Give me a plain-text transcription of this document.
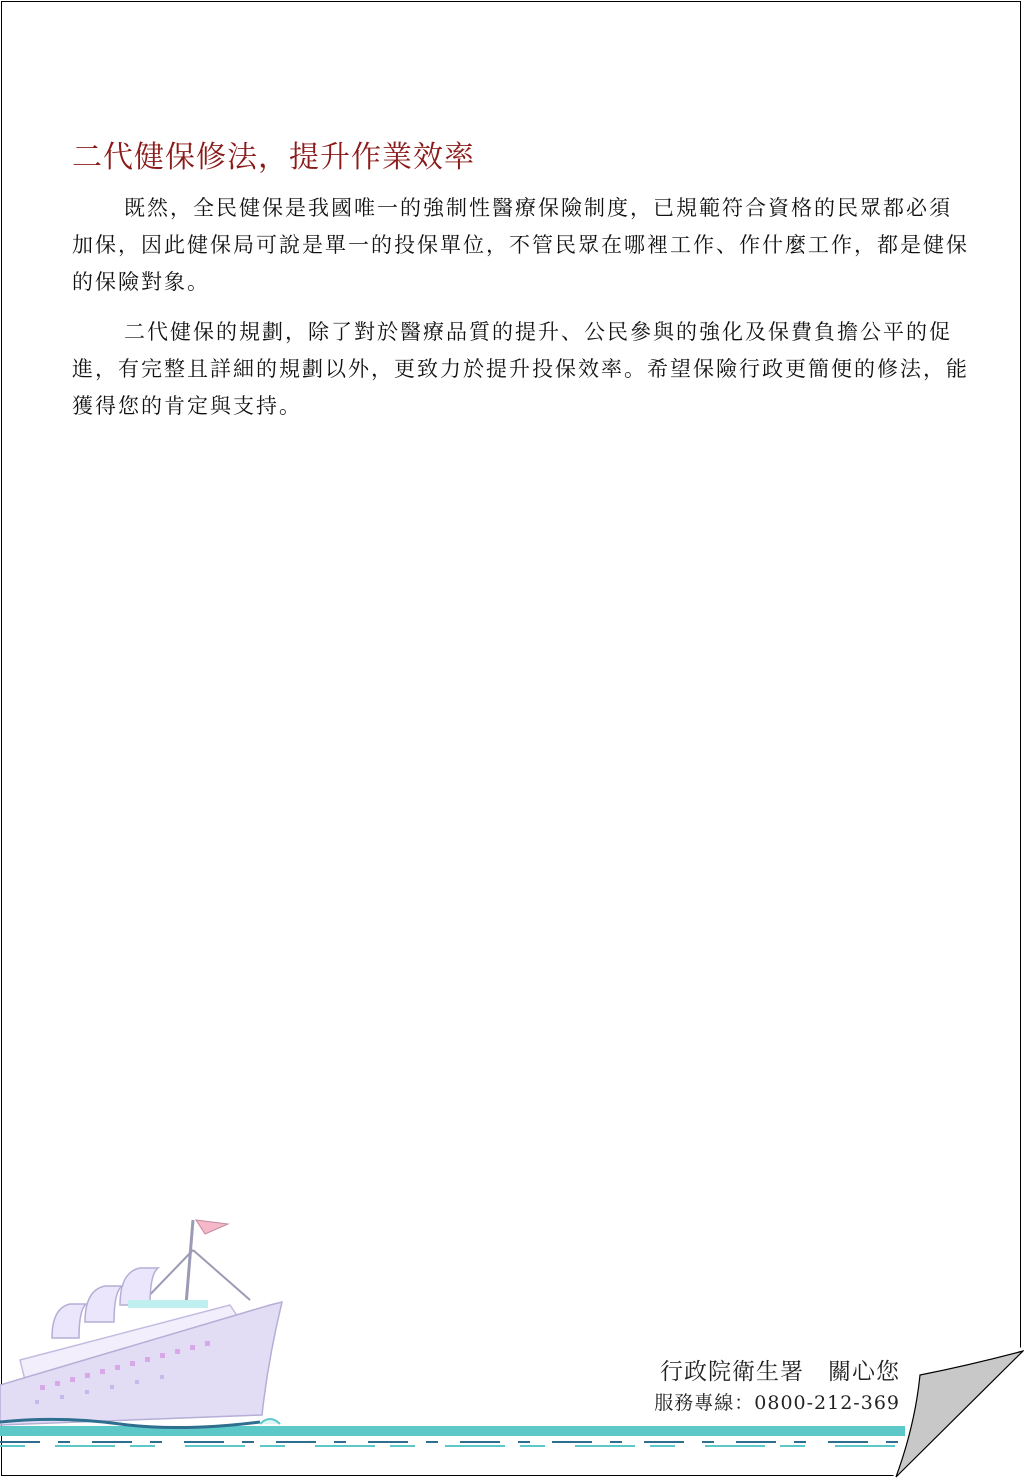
二代健保修法，提升作業效率

既然，全民健保是我國唯一的強制性醫療保險制度，已規範符合資格的民眾都必須加保，因此健保局可說是單一的投保單位，不管民眾在哪裡工作、作什麼工作，都是健保的保險對象。

二代健保的規劃，除了對於醫療品質的提升、公民參與的強化及保費負擔公平的促進，有完整且詳細的規劃以外，更致力於提升投保效率。希望保險行政更簡便的修法，能獲得您的肯定與支持。

行政院衛生署　關心您
服務專線：0800-212-369
